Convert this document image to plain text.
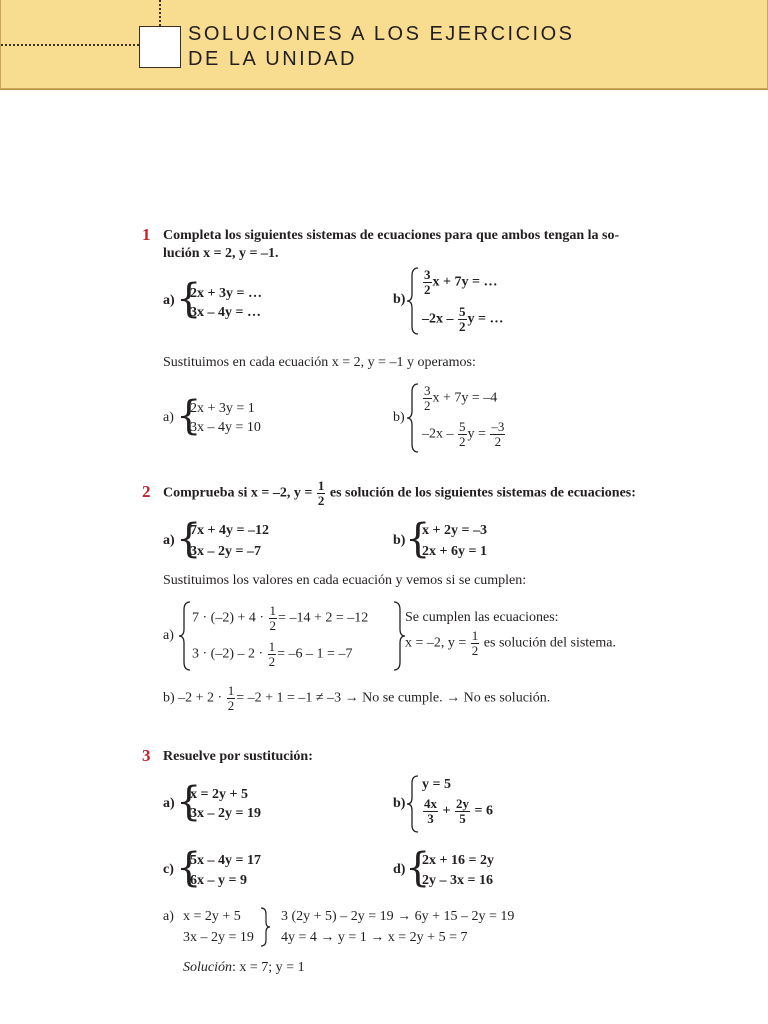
SOLUCIONES A LOS EJERCICIOS
DE LA UNIDAD
1 Completa los siguientes sistemas de ecuaciones para que ambos tengan la so-
lución x = 2, y = –1.
a) {
2x + 3y = …
3x – 4y = …
b)
$\frac{3}{2}$ x + 7y = …
$-2x - \frac{5}{2}$ y = …
Sustituimos en cada ecuación x = 2, y = –1 y operamos:
a) {
2x + 3y = 1
3x – 4y = 10
b)
$\frac{3}{2}$ x + 7y = –4
$-2x - \frac{5}{2}$ $y = \frac{-3}{2}$
2 Comprueba si x = –2, $y = \frac{1}{2}$ es solución de los siguientes sistemas de ecuaciones:
a) {
7x + 4y = –12
3x – 2y = –7
b) {
x + 2y = –3
2x + 6y = 1
Sustituimos los valores en cada ecuación y vemos si se cumplen:
a)
$7 \cdot (-2) + 4 \cdot \frac{1}{2} = -14 + 2 = -12$
$3 \cdot (-2) - 2 \cdot \frac{1}{2} = -6 - 1 = -7$
Se cumplen las ecuaciones:
x = –2, $y = \frac{1}{2}$ es solución del sistema.
b) $-2 + 2 \cdot \frac{1}{2} = -2 + 1 = -1 \ne -3 \to No$ se cumple. → No es solución.
3 Resuelve por sustitución:
a) {
x = 2y + 5
3x – 2y = 19
b)
y = 5
$\frac{4x}{3} + \frac{2y}{5} = 6$
c) {
5x – 4y = 17
6x – y = 9
d) {
2x + 16 = 2y
2y – 3x = 16
a) x = 2y + 5
3x – 2y = 19
3 (2y + 5) – 2y = 19 → 6y + 15 – 2y = 19
4y = 4 → y = 1 → x = 2y + 5 = 7
Solución: x = 7; y = 1
